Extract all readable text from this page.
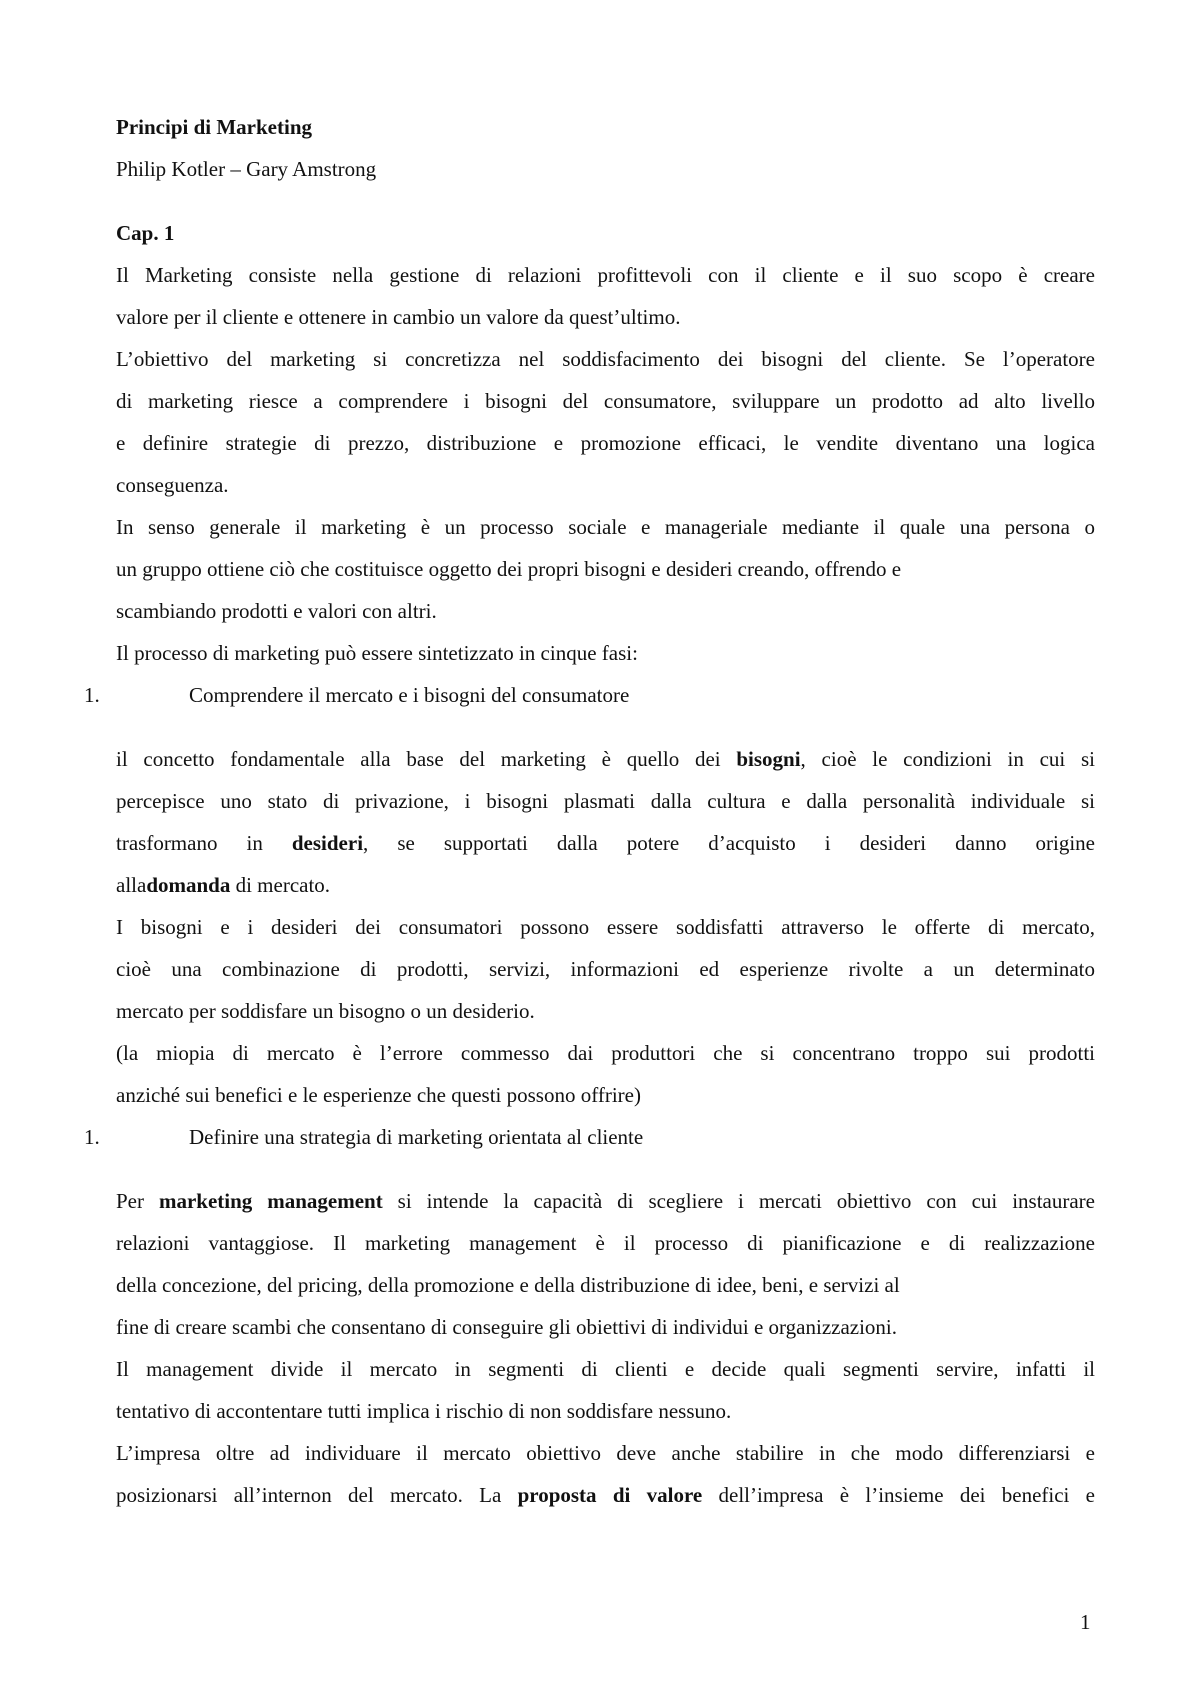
Principi di Marketing
Philip Kotler – Gary Amstrong
Cap. 1
Il Marketing consiste nella gestione di relazioni profittevoli con il cliente e il suo scopo è creare
valore per il cliente e ottenere in cambio un valore da quest’ultimo.
L’obiettivo del marketing si concretizza nel soddisfacimento dei bisogni del cliente. Se l’operatore
di marketing riesce a comprendere i bisogni del consumatore, sviluppare un prodotto ad alto livello
e definire strategie di prezzo, distribuzione e promozione efficaci, le vendite diventano una logica
conseguenza.
In senso generale il marketing è un processo sociale e manageriale mediante il quale una persona o
un gruppo ottiene ciò che costituisce oggetto dei propri bisogni e desideri creando, offrendo e
scambiando prodotti e valori con altri.
Il processo di marketing può essere sintetizzato in cinque fasi:
1.	Comprendere il mercato e i bisogni del consumatore
il concetto fondamentale alla base del marketing è quello dei bisogni, cioè le condizioni in cui si
percepisce uno stato di privazione, i bisogni plasmati dalla cultura e dalla personalità individuale si
trasformano in desideri, se supportati dalla potere d’acquisto i desideri danno origine
alladomanda di mercato.
I bisogni e i desideri dei consumatori possono essere soddisfatti attraverso le offerte di mercato,
cioè una combinazione di prodotti, servizi, informazioni ed esperienze rivolte a un determinato
mercato per soddisfare un bisogno o un desiderio.
(la miopia di mercato è l’errore commesso dai produttori che si concentrano troppo sui prodotti
anziché sui benefici e le esperienze che questi possono offrire)
1.	Definire una strategia di marketing orientata al cliente
Per marketing management si intende la capacità di scegliere i mercati obiettivo con cui instaurare
relazioni vantaggiose. Il marketing management è il processo di pianificazione e di realizzazione
della concezione, del pricing, della promozione e della distribuzione di idee, beni, e servizi al
fine di creare scambi che consentano di conseguire gli obiettivi di individui e organizzazioni.
Il management divide il mercato in segmenti di clienti e decide quali segmenti servire, infatti il
tentativo di accontentare tutti implica i rischio di non soddisfare nessuno.
L’impresa oltre ad individuare il mercato obiettivo deve anche stabilire in che modo differenziarsi e
posizionarsi all’internon del mercato. La proposta di valore dell’impresa è l’insieme dei benefici e
1
